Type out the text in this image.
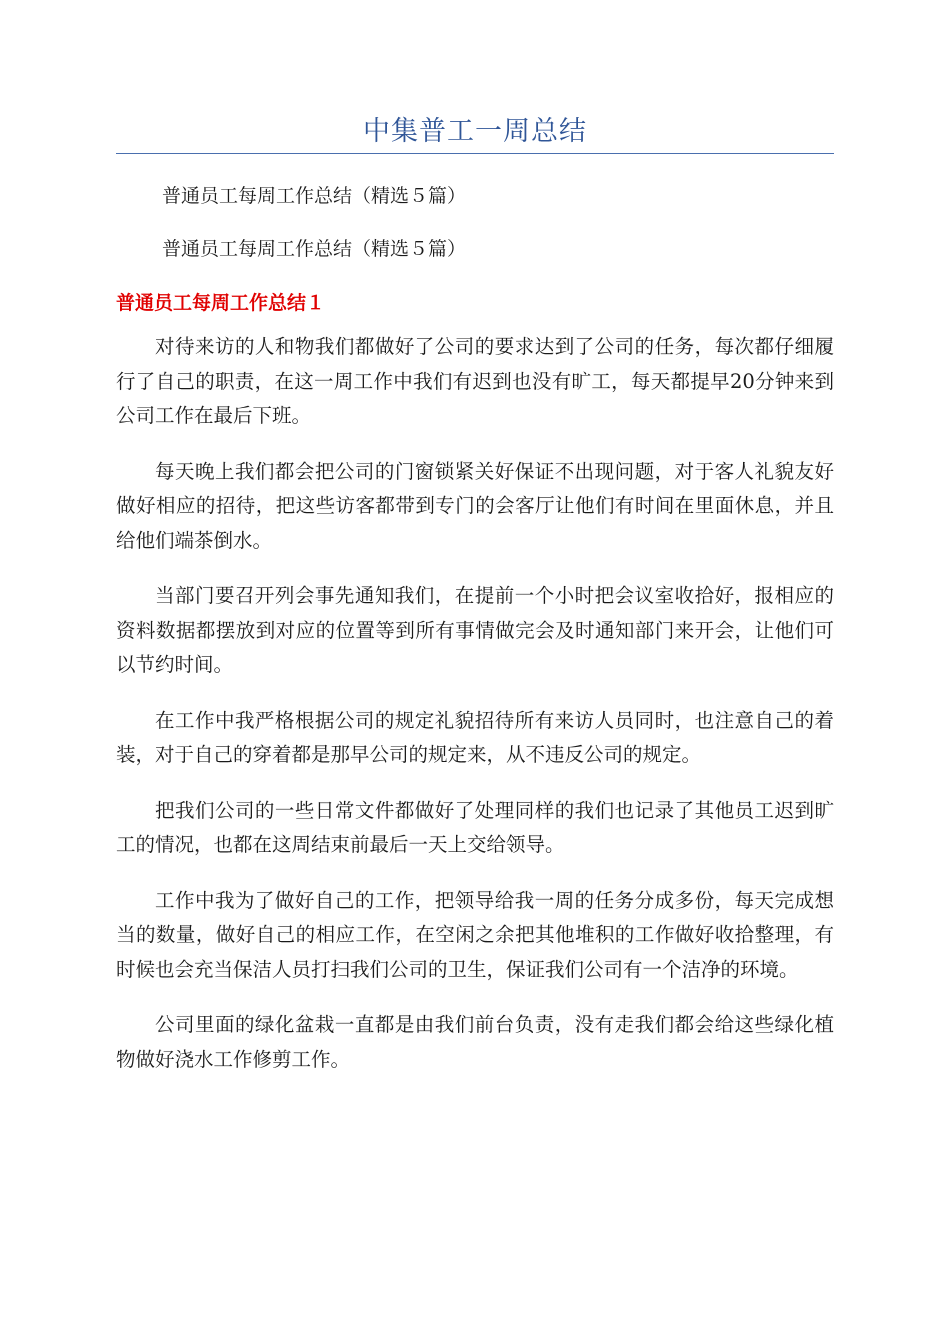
中集普工一周总结
普通员工每周工作总结（精选５篇）
普通员工每周工作总结（精选５篇）
普通员工每周工作总结１

对待来访的人和物我们都做好了公司的要求达到了公司的任务，每次都仔细履行了自己的职责，在这一周工作中我们有迟到也没有旷工，每天都提早20分钟来到公司工作在最后下班。

每天晚上我们都会把公司的门窗锁紧关好保证不出现问题，对于客人礼貌友好做好相应的招待，把这些访客都带到专门的会客厅让他们有时间在里面休息，并且给他们端茶倒水。

当部门要召开列会事先通知我们，在提前一个小时把会议室收拾好，报相应的资料数据都摆放到对应的位置等到所有事情做完会及时通知部门来开会，让他们可以节约时间。

在工作中我严格根据公司的规定礼貌招待所有来访人员同时，也注意自己的着装，对于自己的穿着都是那早公司的规定来，从不违反公司的规定。

把我们公司的一些日常文件都做好了处理同样的我们也记录了其他员工迟到旷工的情况，也都在这周结束前最后一天上交给领导。

工作中我为了做好自己的工作，把领导给我一周的任务分成多份，每天完成想当的数量，做好自己的相应工作，在空闲之余把其他堆积的工作做好收拾整理，有时候也会充当保洁人员打扫我们公司的卫生，保证我们公司有一个洁净的环境。

公司里面的绿化盆栽一直都是由我们前台负责，没有走我们都会给这些绿化植物做好浇水工作修剪工作。
